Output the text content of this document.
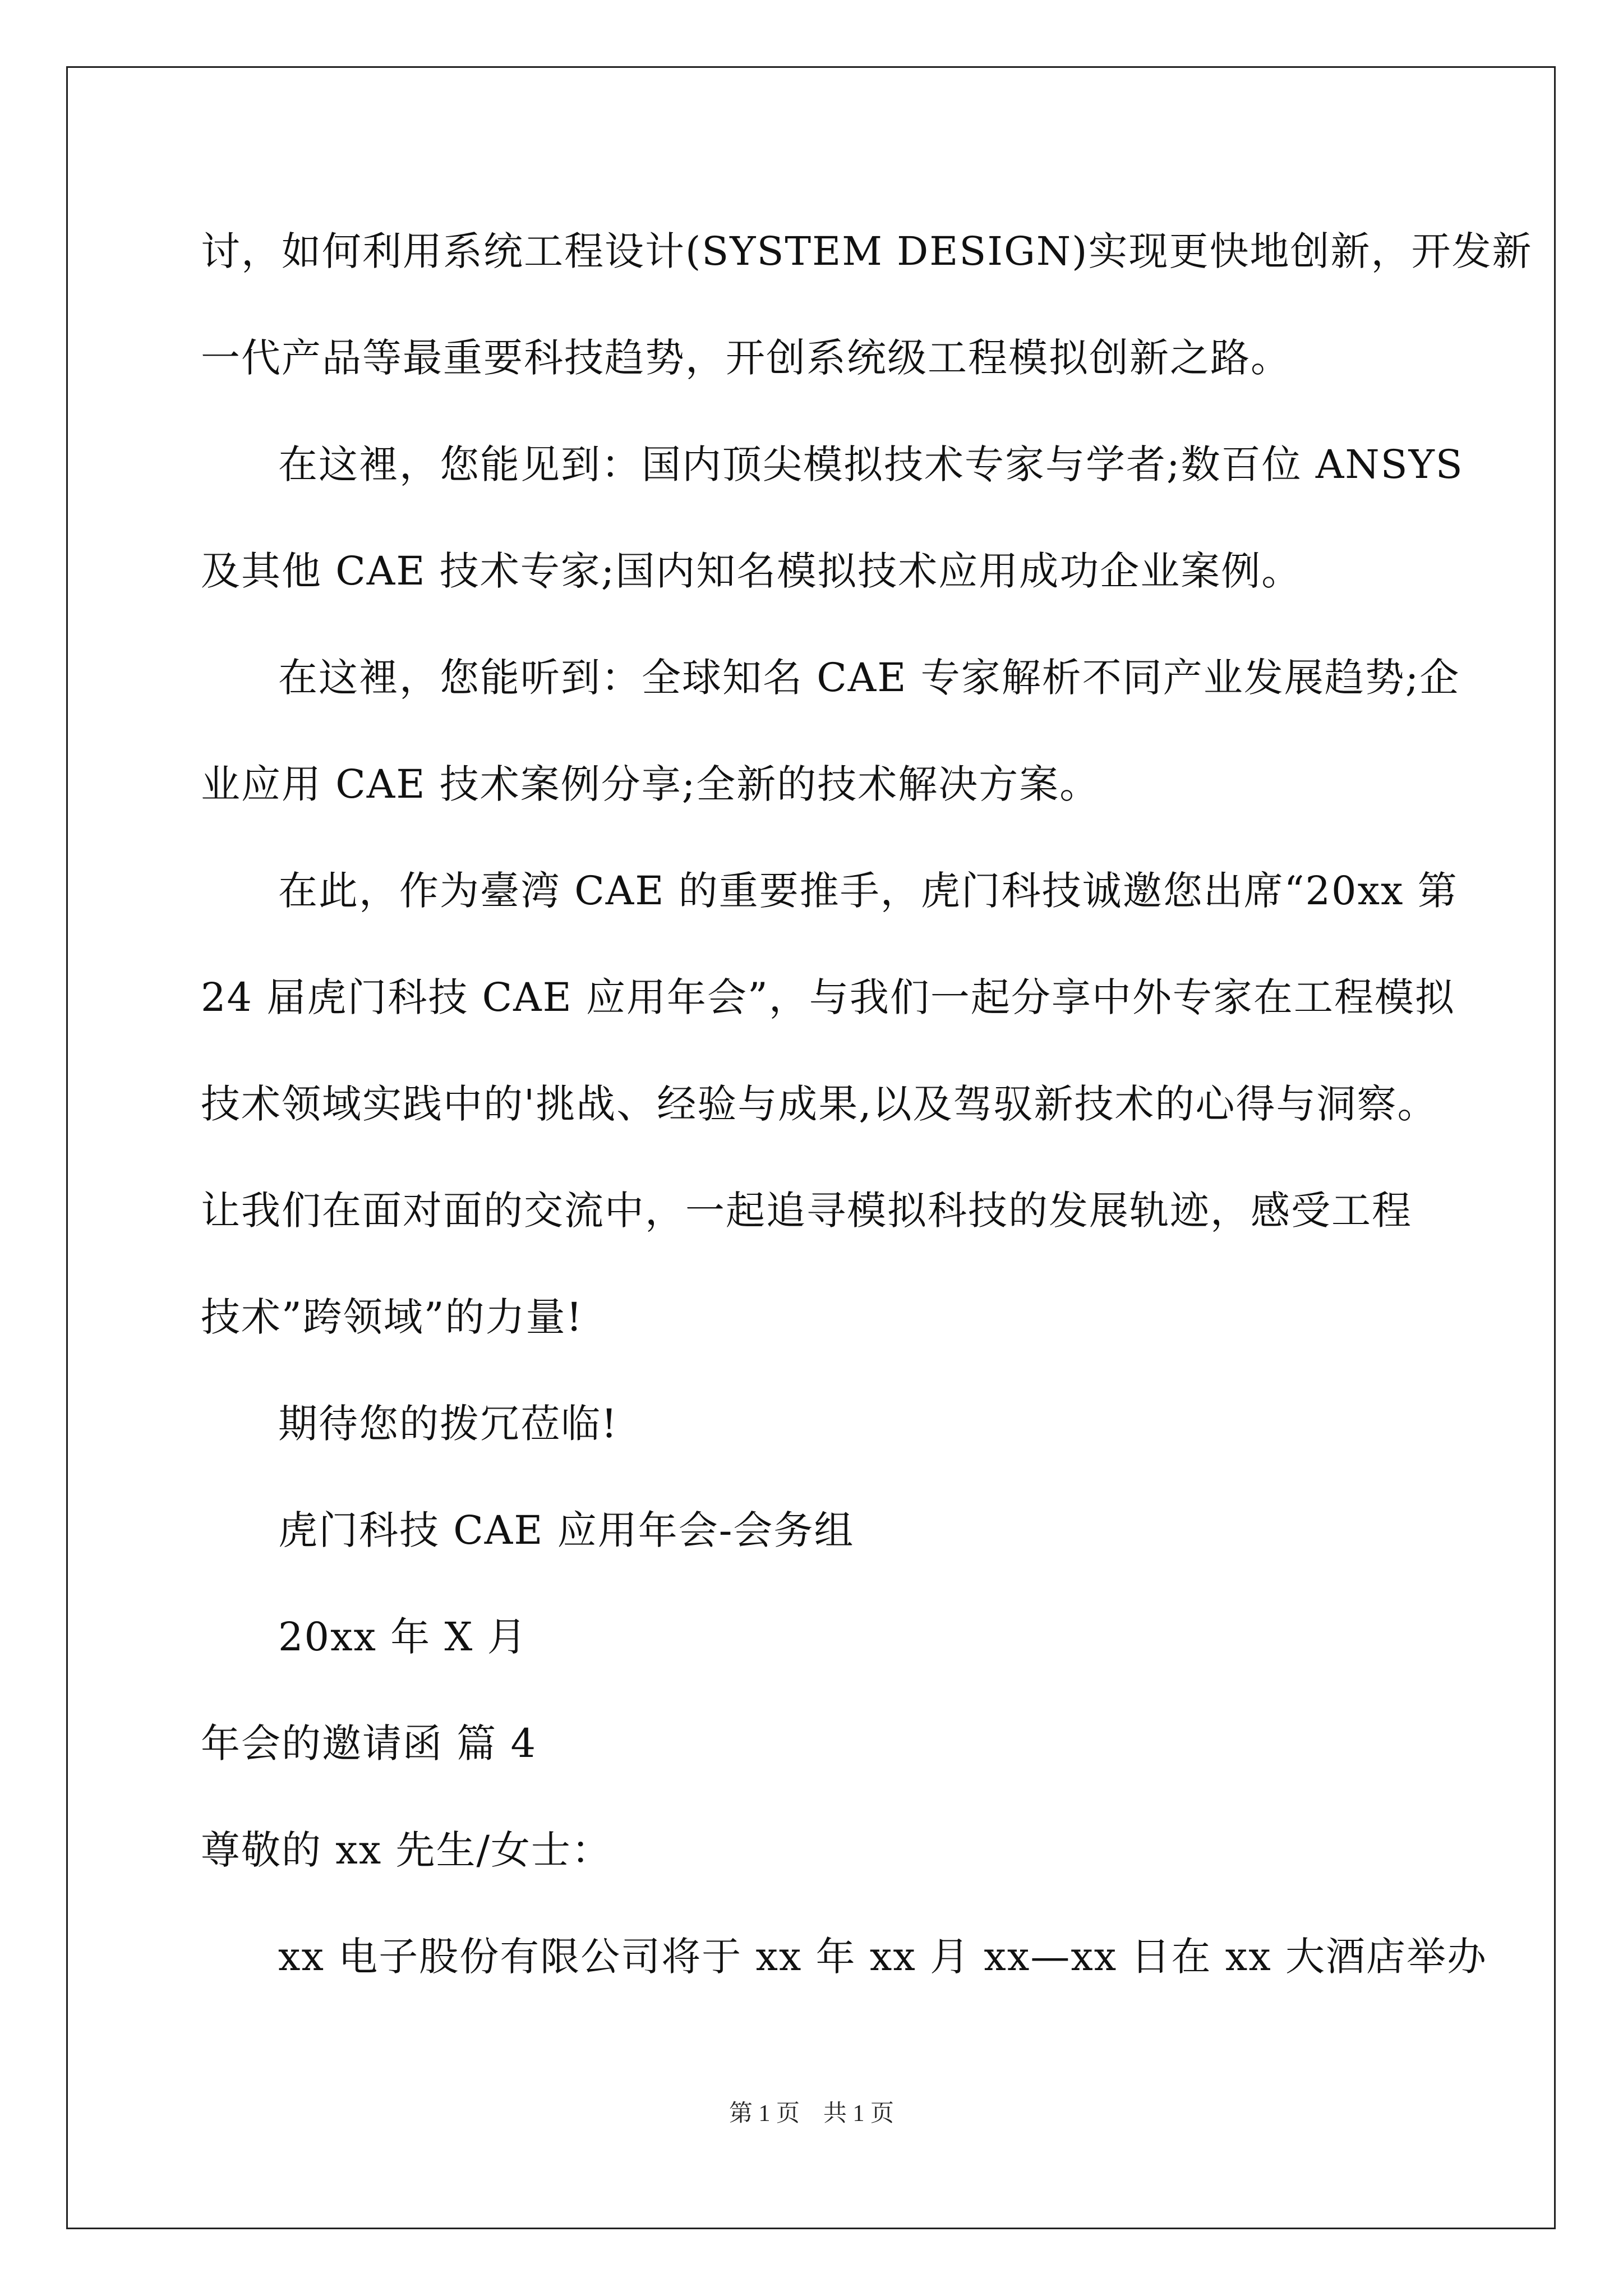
讨，如何利用系统工程设计(SYSTEM DESIGN)实现更快地创新，开发新
一代产品等最重要科技趋势，开创系统级工程模拟创新之路。
在这裡，您能见到：国内顶尖模拟技术专家与学者;数百位 ANSYS
及其他 CAE 技术专家;国内知名模拟技术应用成功企业案例。
在这裡，您能听到：全球知名 CAE 专家解析不同产业发展趋势;企
业应用 CAE 技术案例分享;全新的技术解决方案。
在此，作为臺湾 CAE 的重要推手，虎门科技诚邀您出席“20xx 第
24 届虎门科技 CAE 应用年会”，与我们一起分享中外专家在工程模拟
技术领域实践中的'挑战、经验与成果,以及驾驭新技术的心得与洞察。
让我们在面对面的交流中，一起追寻模拟科技的发展轨迹，感受工程
技术”跨领域”的力量!
期待您的拨冗莅临!
虎门科技 CAE 应用年会-会务组
20xx 年 X 月
年会的邀请函 篇 4
尊敬的 xx 先生/女士：
xx 电子股份有限公司将于 xx 年 xx 月 xx—xx 日在 xx 大酒店举办
第 1 页　共 1 页
